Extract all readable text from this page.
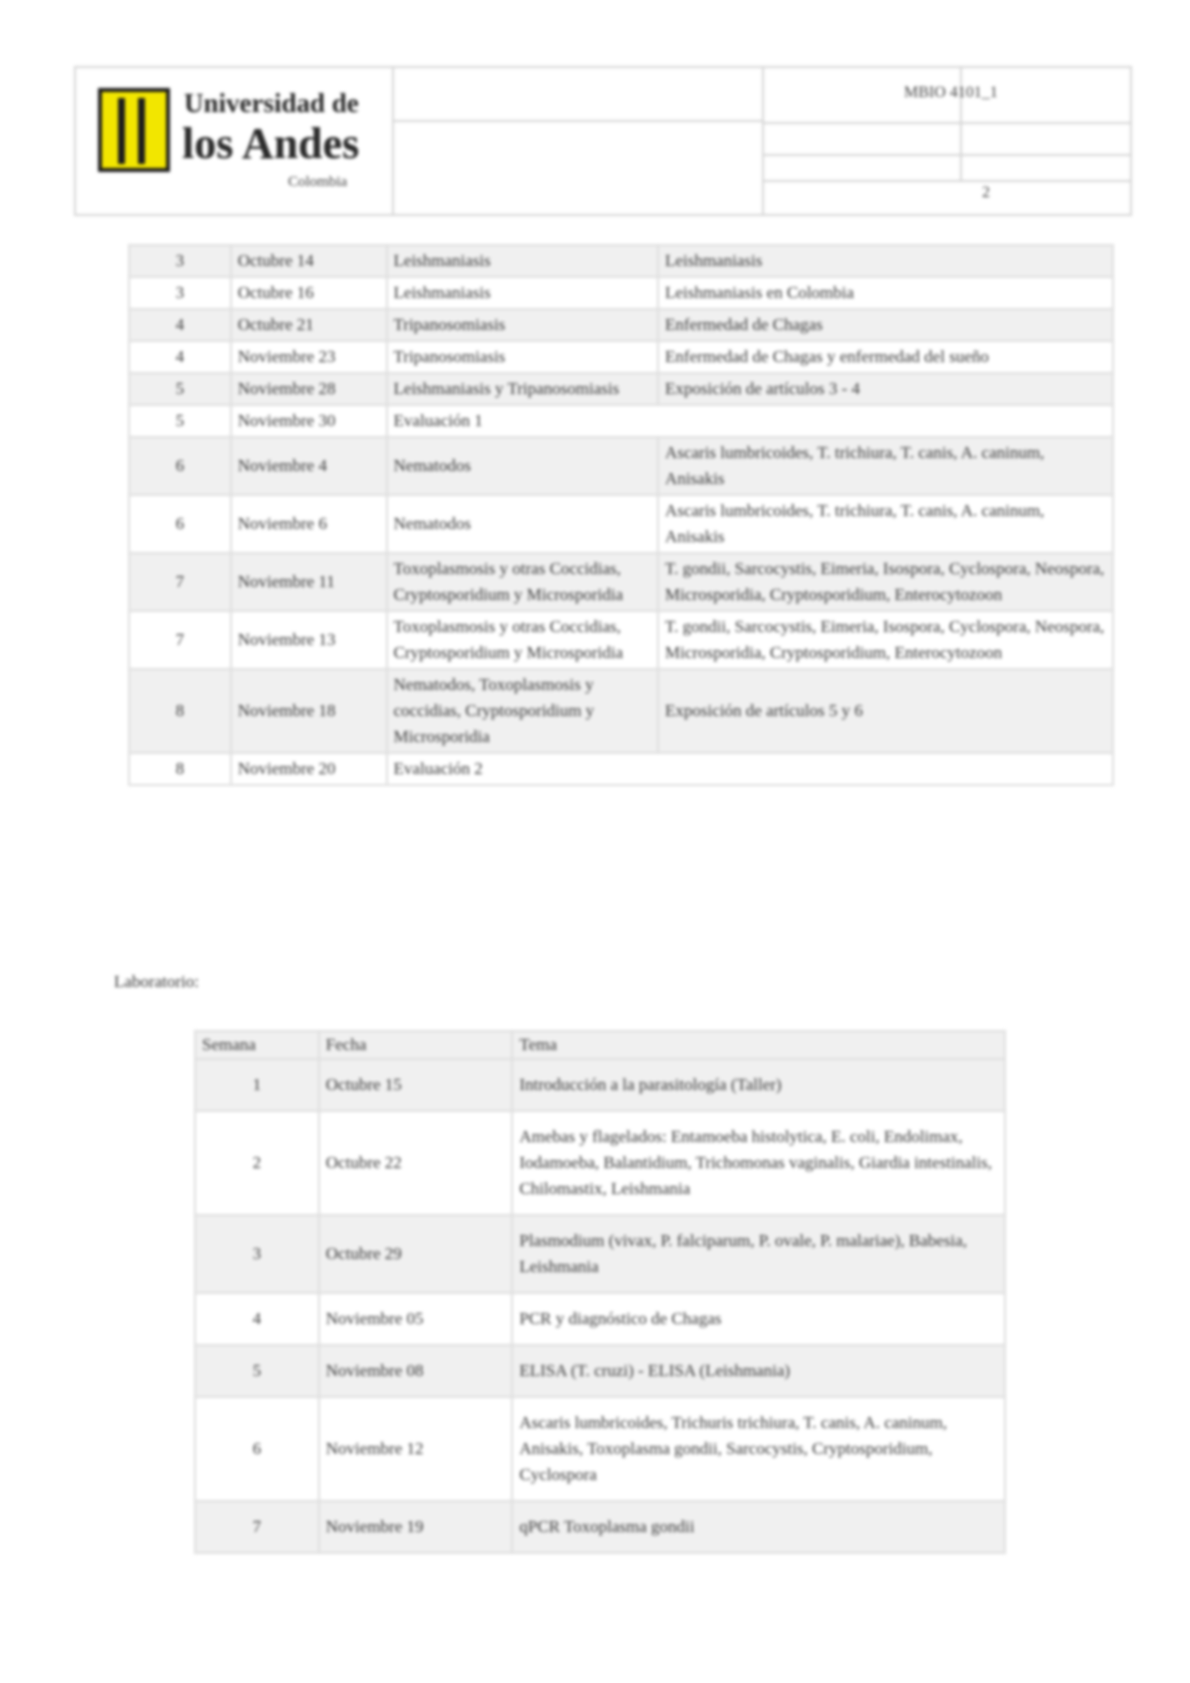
Universidad de
los Andes
Colombia
MBIO 4101_1
2
3	Octubre 14	Leishmaniasis	Leishmaniasis
3	Octubre 16	Leishmaniasis	Leishmaniasis en Colombia
4	Octubre 21	Tripanosomiasis	Enfermedad de Chagas
4	Noviembre 23	Tripanosomiasis	Enfermedad de Chagas y enfermedad del sueño
5	Noviembre 28	Leishmaniasis y Tripanosomiasis	Exposición de artículos 3 - 4
5	Noviembre 30	Evaluación 1	
6	Noviembre 4	Nematodos	Ascaris lumbricoides, T. trichiura, T. canis, A. caninum, Anisakis
6	Noviembre 6	Nematodos	Ascaris lumbricoides, T. trichiura, T. canis, A. caninum, Anisakis
7	Noviembre 11	Toxoplasmosis y otras Coccidias, Cryptosporidium y Microsporidia	T. gondii, Sarcocystis, Eimeria, Isospora, Cyclospora, Neospora, Microsporidia, Cryptosporidium, Enterocytozoon
7	Noviembre 13	Toxoplasmosis y otras Coccidias, Cryptosporidium y Microsporidia	T. gondii, Sarcocystis, Eimeria, Isospora, Cyclospora, Neospora, Microsporidia, Cryptosporidium, Enterocytozoon
8	Noviembre 18	Nematodos, Toxoplasmosis y coccidias, Cryptosporidium y Microsporidia	Exposición de artículos 5 y 6
8	Noviembre 20	Evaluación 2	
Laboratorio:
Semana	Fecha	Tema
1	Octubre 15	Introducción a la parasitología (Taller)
2	Octubre 22	Amebas y flagelados: Entamoeba histolytica, E. coli, Endolimax, Iodamoeba, Balantidium, Trichomonas vaginalis, Giardia intestinalis, Chilomastix, Leishmania
3	Octubre 29	Plasmodium (vivax, P. falciparum, P. ovale, P. malariae), Babesia, Leishmania
4	Noviembre 05	PCR y diagnóstico de Chagas
5	Noviembre 08	ELISA (T. cruzi) - ELISA (Leishmania)
6	Noviembre 12	Ascaris lumbricoides, Trichuris trichiura, T. canis, A. caninum, Anisakis, Toxoplasma gondii, Sarcocystis, Cryptosporidium, Cyclospora
7	Noviembre 19	qPCR Toxoplasma gondii
